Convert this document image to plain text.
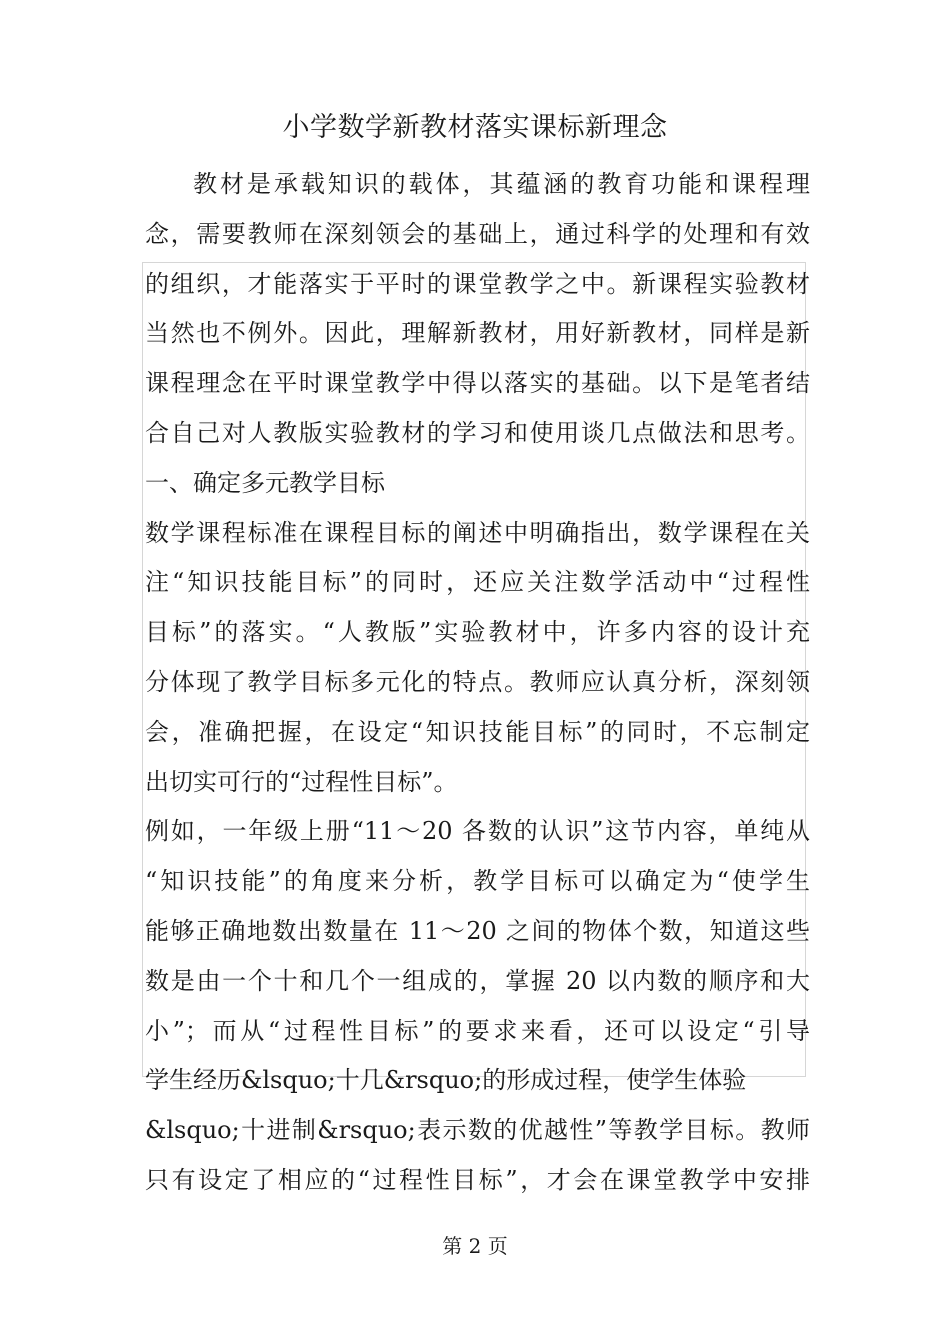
小学数学新教材落实课标新理念
教材是承载知识的载体，其蕴涵的教育功能和课程理
念，需要教师在深刻领会的基础上，通过科学的处理和有效
的组织，才能落实于平时的课堂教学之中。新课程实验教材
当然也不例外。因此，理解新教材，用好新教材，同样是新
课程理念在平时课堂教学中得以落实的基础。以下是笔者结
合自己对人教版实验教材的学习和使用谈几点做法和思考。
一、确定多元教学目标
数学课程标准在课程目标的阐述中明确指出，数学课程在关
注“知识技能目标”的同时，还应关注数学活动中“过程性
目标”的落实。“人教版”实验教材中，许多内容的设计充
分体现了教学目标多元化的特点。教师应认真分析，深刻领
会，准确把握，在设定“知识技能目标”的同时，不忘制定
出切实可行的“过程性目标”。
例如，一年级上册“11～20 各数的认识”这节内容，单纯从
“知识技能”的角度来分析，教学目标可以确定为“使学生
能够正确地数出数量在 11～20 之间的物体个数，知道这些
数是由一个十和几个一组成的，掌握 20 以内数的顺序和大
小”；而从“过程性目标”的要求来看，还可以设定“引导
学生经历&lsquo;十几&rsquo;的形成过程，使学生体验
&lsquo;十进制&rsquo;表示数的优越性”等教学目标。教师
只有设定了相应的“过程性目标”，才会在课堂教学中安排
第 2 页
